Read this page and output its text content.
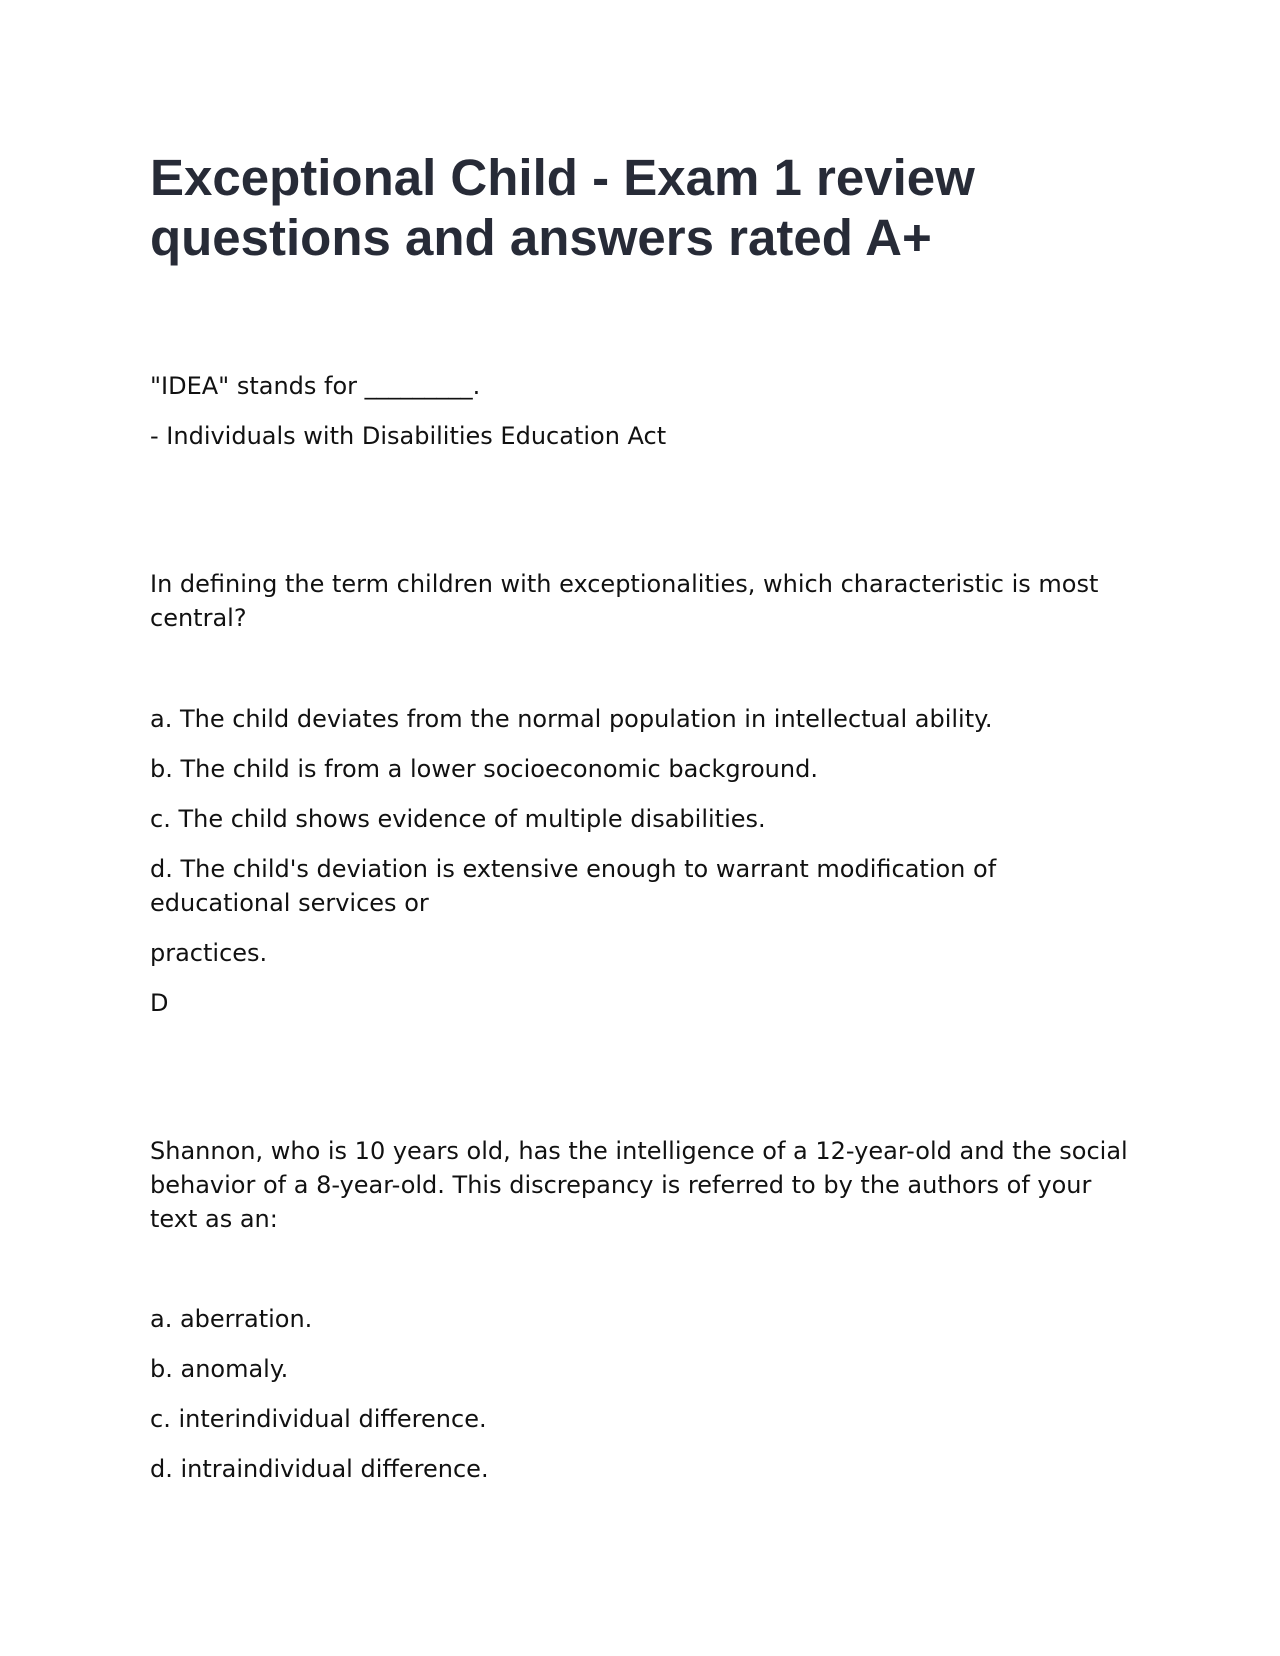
Exceptional Child - Exam 1 review questions and answers rated A+

"IDEA" stands for _________.

- Individuals with Disabilities Education Act

In defining the term children with exceptionalities, which characteristic is most central?

a. The child deviates from the normal population in intellectual ability.

b. The child is from a lower socioeconomic background.

c. The child shows evidence of multiple disabilities.

d. The child's deviation is extensive enough to warrant modification of educational services or

practices.

D

Shannon, who is 10 years old, has the intelligence of a 12-year-old and the social behavior of a 8-year-old. This discrepancy is referred to by the authors of your text as an:

a. aberration.

b. anomaly.

c. interindividual difference.

d. intraindividual difference.
